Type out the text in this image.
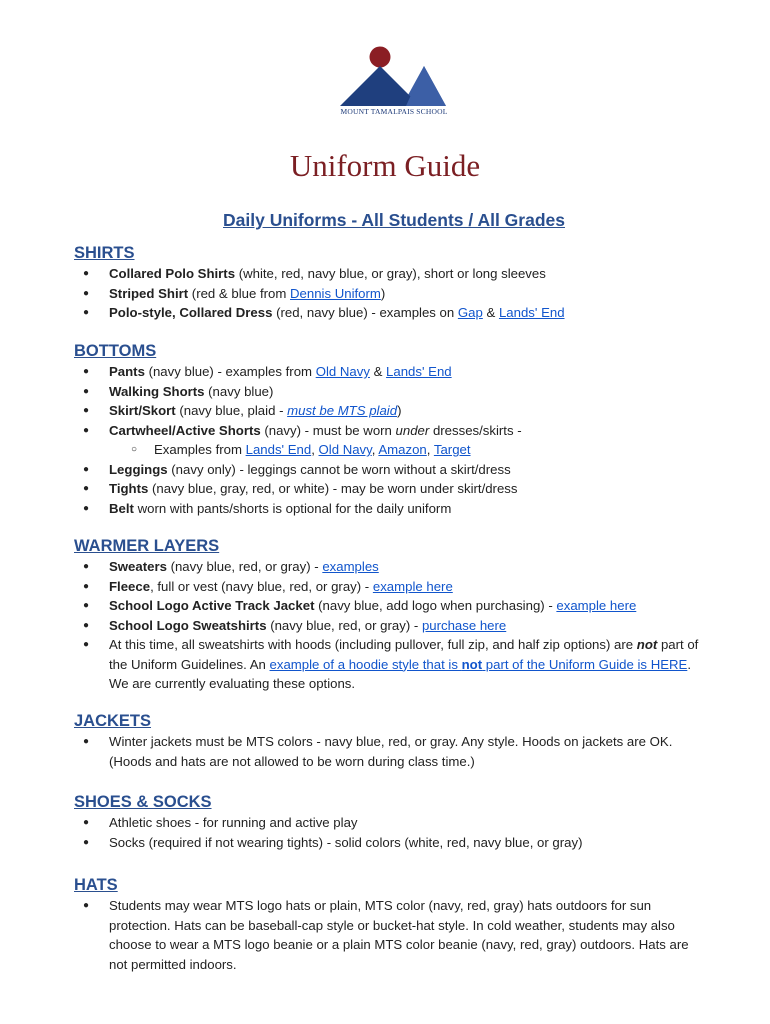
MOUNT TAMALPAIS SCHOOL
Uniform Guide
Daily Uniforms - All Students / All Grades
SHIRTS
● Collared Polo Shirts (white, red, navy blue, or gray), short or long sleeves
● Striped Shirt (red & blue from Dennis Uniform)
● Polo-style, Collared Dress (red, navy blue) - examples on Gap & Lands' End
BOTTOMS
● Pants (navy blue) - examples from Old Navy & Lands' End
● Walking Shorts (navy blue)
● Skirt/Skort (navy blue, plaid - must be MTS plaid)
● Cartwheel/Active Shorts (navy) - must be worn under dresses/skirts -
○ Examples from Lands' End, Old Navy, Amazon, Target
● Leggings (navy only) - leggings cannot be worn without a skirt/dress
● Tights (navy blue, gray, red, or white) - may be worn under skirt/dress
● Belt worn with pants/shorts is optional for the daily uniform
WARMER LAYERS
● Sweaters (navy blue, red, or gray) - examples
● Fleece, full or vest (navy blue, red, or gray) - example here
● School Logo Active Track Jacket (navy blue, add logo when purchasing) - example here
● School Logo Sweatshirts (navy blue, red, or gray) - purchase here
● At this time, all sweatshirts with hoods (including pullover, full zip, and half zip options) are not part of
the Uniform Guidelines. An example of a hoodie style that is not part of the Uniform Guide is HERE.
We are currently evaluating these options.
JACKETS
● Winter jackets must be MTS colors - navy blue, red, or gray. Any style. Hoods on jackets are OK.
(Hoods and hats are not allowed to be worn during class time.)
SHOES & SOCKS
● Athletic shoes - for running and active play
● Socks (required if not wearing tights) - solid colors (white, red, navy blue, or gray)
HATS
● Students may wear MTS logo hats or plain, MTS color (navy, red, gray) hats outdoors for sun
protection. Hats can be baseball-cap style or bucket-hat style. In cold weather, students may also
choose to wear a MTS logo beanie or a plain MTS color beanie (navy, red, gray) outdoors. Hats are
not permitted indoors.
